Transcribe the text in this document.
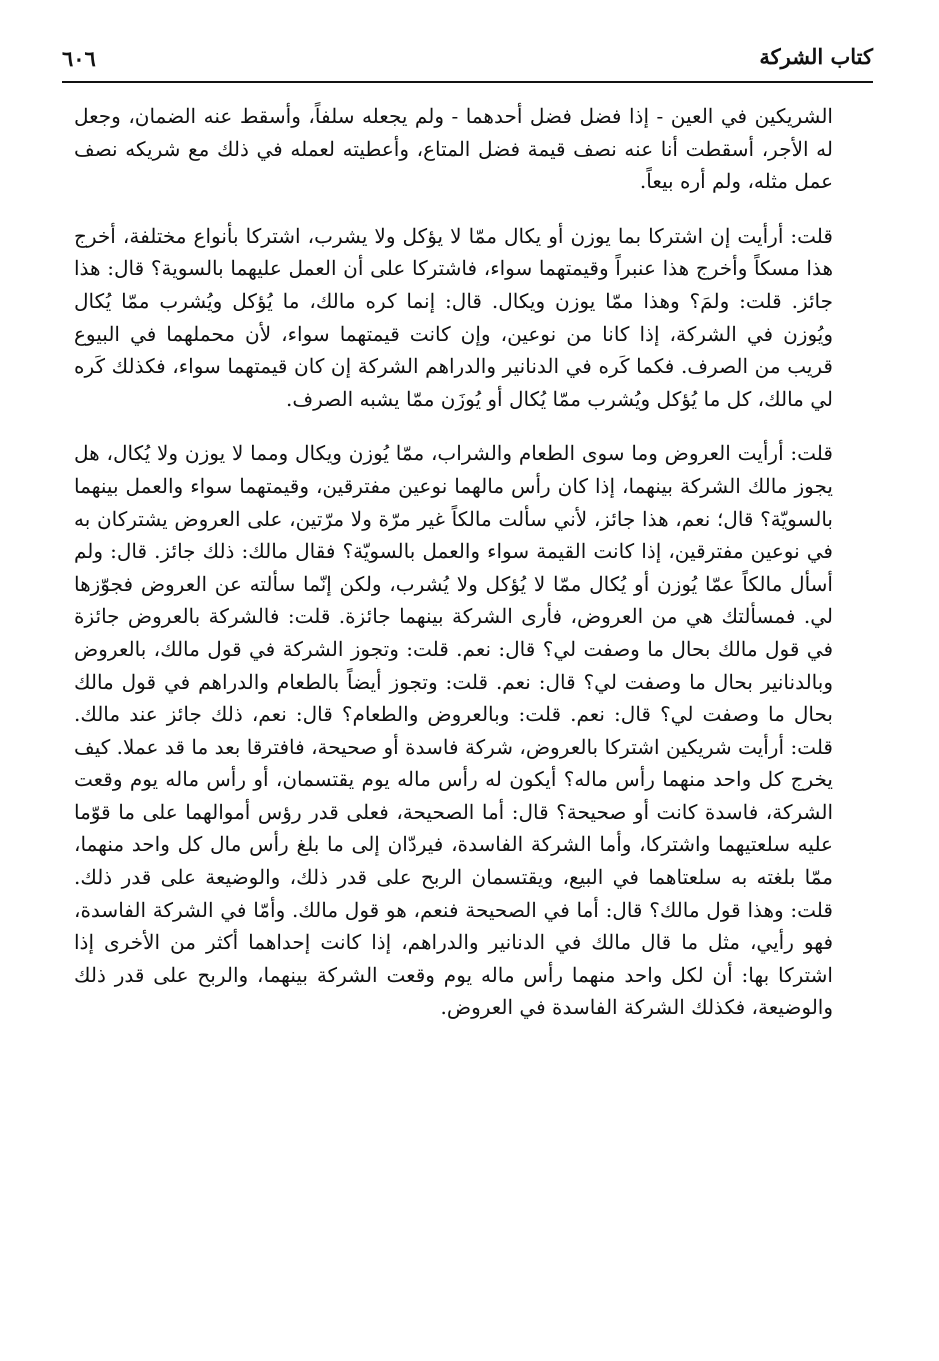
كتاب الشركة
٦٠٦

الشريكين في العين - إذا فضل فضل أحدهما - ولم يجعله سلفاً، وأسقط عنه الضمان، وجعل له الأجر، أسقطت أنا عنه نصف قيمة فضل المتاع، وأعطيته لعمله في ذلك مع شريكه نصف عمل مثله، ولم أره بيعاً.

قلت: أرأيت إن اشتركا بما يوزن أو يكال ممّا لا يؤكل ولا يشرب، اشتركا بأنواع مختلفة، أخرج هذا مسكاً وأخرج هذا عنبراً وقيمتهما سواء، فاشتركا على أن العمل عليهما بالسوية؟ قال: هذا جائز. قلت: ولمَ؟ وهذا ممّا يوزن ويكال. قال: إنما كره مالك، ما يُؤكل ويُشرب ممّا يُكال ويُوزن في الشركة، إذا كانا من نوعين، وإن كانت قيمتهما سواء، لأن محملهما في البيوع قريب من الصرف. فكما كَره في الدنانير والدراهم الشركة إن كان قيمتهما سواء، فكذلك كَره لي مالك، كل ما يُؤكل ويُشرب ممّا يُكال أو يُوزَن ممّا يشبه الصرف.

قلت: أرأيت العروض وما سوى الطعام والشراب، ممّا يُوزن ويكال ومما لا يوزن ولا يُكال، هل يجوز مالك الشركة بينهما، إذا كان رأس مالهما نوعين مفترقين، وقيمتهما سواء والعمل بينهما بالسويّة؟ قال؛ نعم، هذا جائز، لأني سألت مالكاً غير مرّة ولا مرّتين، على العروض يشتركان به في نوعين مفترقين، إذا كانت القيمة سواء والعمل بالسويّة؟ فقال مالك: ذلك جائز. قال: ولم أسأل مالكاً عمّا يُوزن أو يُكال ممّا لا يُؤكل ولا يُشرب، ولكن إنّما سألته عن العروض فجوّزها لي. فمسألتك هي من العروض، فأرى الشركة بينهما جائزة. قلت: فالشركة بالعروض جائزة في قول مالك بحال ما وصفت لي؟ قال: نعم. قلت: وتجوز الشركة في قول مالك، بالعروض وبالدنانير بحال ما وصفت لي؟ قال: نعم. قلت: وتجوز أيضاً بالطعام والدراهم في قول مالك بحال ما وصفت لي؟ قال: نعم. قلت: وبالعروض والطعام؟ قال: نعم، ذلك جائز عند مالك. قلت: أرأيت شريكين اشتركا بالعروض، شركة فاسدة أو صحيحة، فافترقا بعد ما قد عملا. كيف يخرج كل واحد منهما رأس ماله؟ أيكون له رأس ماله يوم يقتسمان، أو رأس ماله يوم وقعت الشركة، فاسدة كانت أو صحيحة؟ قال: أما الصحيحة، فعلى قدر رؤس أموالهما على ما قوّما عليه سلعتيهما واشتركا، وأما الشركة الفاسدة، فيردّان إلى ما بلغ رأس مال كل واحد منهما، ممّا بلغته به سلعتاهما في البيع، ويقتسمان الربح على قدر ذلك، والوضيعة على قدر ذلك. قلت: وهذا قول مالك؟ قال: أما في الصحيحة فنعم، هو قول مالك. وأمّا في الشركة الفاسدة، فهو رأيي، مثل ما قال مالك في الدنانير والدراهم، إذا كانت إحداهما أكثر من الأخرى إذا اشتركا بها: أن لكل واحد منهما رأس ماله يوم وقعت الشركة بينهما، والربح على قدر ذلك والوضيعة، فكذلك الشركة الفاسدة في العروض.
